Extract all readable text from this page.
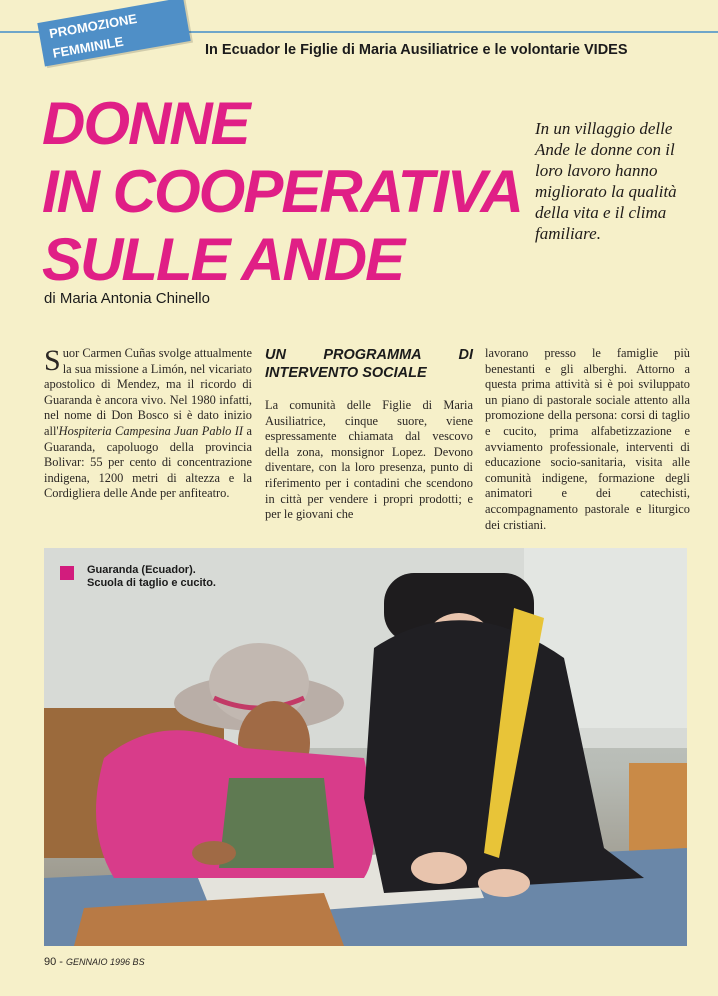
PROMOZIONE
FEMMINILE	In Ecuador le Figlie di Maria Ausiliatrice e le volontarie VIDES
DONNE
IN COOPERATIVA
SULLE ANDE
In un villaggio delle Ande le donne con il loro lavoro hanno migliorato la qualità della vita e il clima familiare.
di Maria Antonia Chinello

Suor Carmen Cuñas svolge attualmente la sua missione a Limón, nel vicariato apostolico di Mendez, ma il ricordo di Guaranda è ancora vivo. Nel 1980 infatti, nel nome di Don Bosco si è dato inizio all'Hospiteria Campesina Juan Pablo II a Guaranda, capoluogo della provincia Bolivar: 55 per cento di concentrazione indigena, 1200 metri di altezza e la Cordigliera delle Ande per anfiteatro.

UN PROGRAMMA DI INTERVENTO SOCIALE

La comunità delle Figlie di Maria Ausiliatrice, cinque suore, viene espressamente chiamata dal vescovo della zona, monsignor Lopez. Devono diventare, con la loro presenza, punto di riferimento per i contadini che scendono in città per vendere i propri prodotti; e per le giovani che

lavorano presso le famiglie più benestanti e gli alberghi. Attorno a questa prima attività si è poi sviluppato un piano di pastorale sociale attento alla promozione della persona: corsi di taglio e cucito, prima alfabetizzazione e avviamento professionale, interventi di educazione socio-sanitaria, visita alle comunità indigene, formazione degli animatori e dei catechisti, accompagnamento pastorale e liturgico dei cristiani.

Guaranda (Ecuador).
Scuola di taglio e cucito.
90 - GENNAIO 1996 BS
